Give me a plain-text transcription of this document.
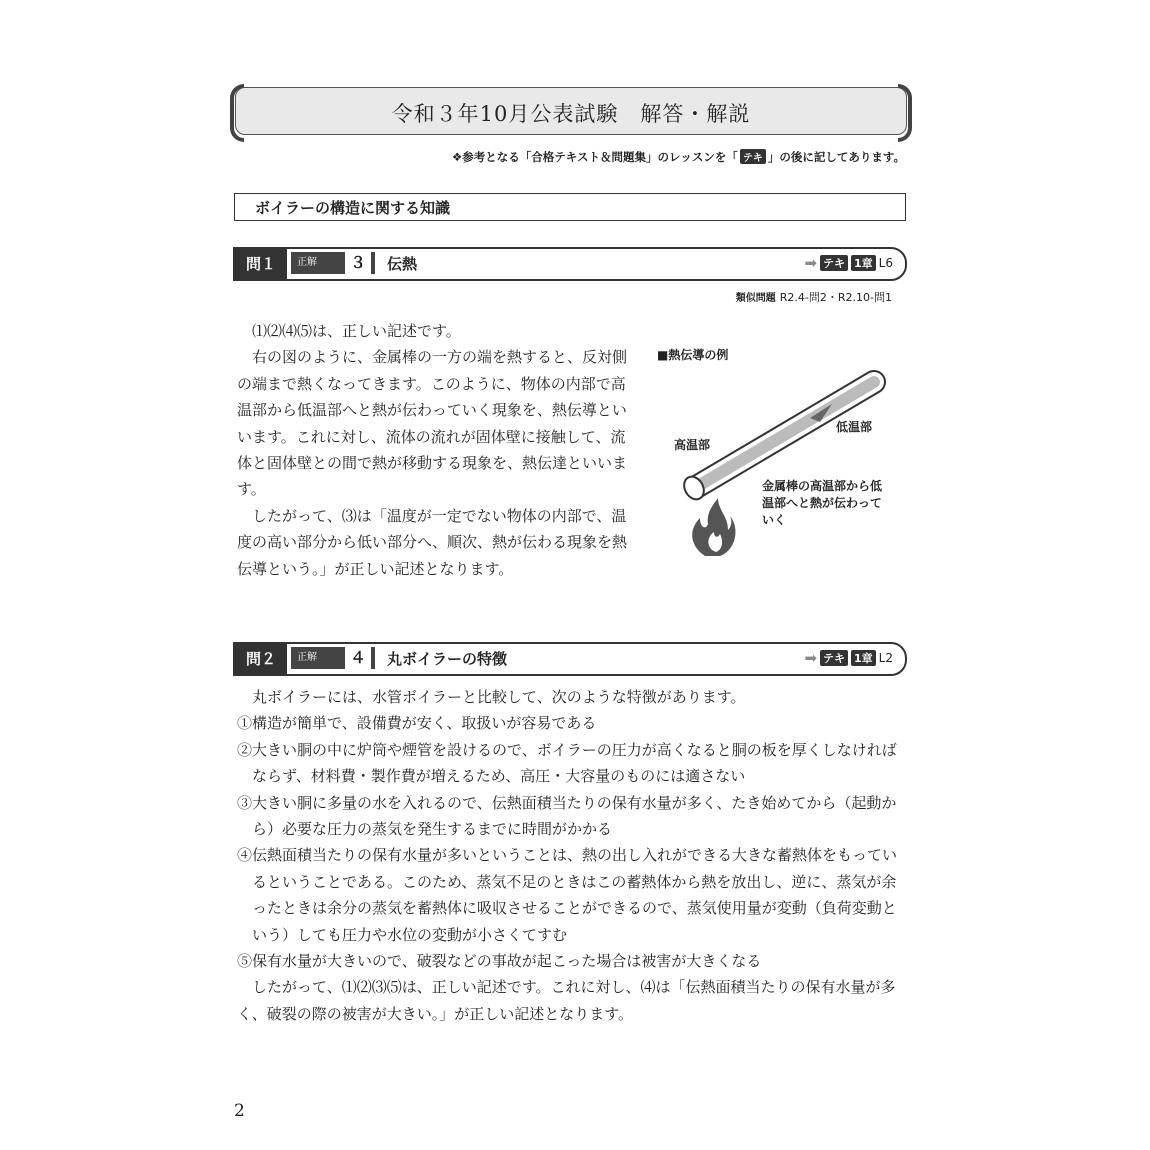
令和３年10月公表試験　解答・解説
❖参考となる「合格テキスト＆問題集」のレッスンを「 テキ 」の後に記してあります。
ボイラーの構造に関する知識
問１	正解	３	伝熱	➡ テキ 1章 L6
類似問題 R2.4-問2・R2.10-問1

⑴⑵⑷⑸は、正しい記述です。

右の図のように、金属棒の一方の端を熱すると、反対側の端まで熱くなってきます。このように、物体の内部で高温部から低温部へと熱が伝わっていく現象を、熱伝導といいます。これに対し、流体の流れが固体壁に接触して、流体と固体壁との間で熱が移動する現象を、熱伝達といいます。

したがって、⑶は「温度が一定でない物体の内部で、温度の高い部分から低い部分へ、順次、熱が伝わる現象を熱伝導という。」が正しい記述となります。

■熱伝導の例
高温部
低温部
金属棒の高温部から低温部へと熱が伝わっていく
問２	正解	４	丸ボイラーの特徴	➡ テキ 1章 L2

丸ボイラーには、水管ボイラーと比較して、次のような特徴があります。

①構造が簡単で、設備費が安く、取扱いが容易である

②大きい胴の中に炉筒や煙管を設けるので、ボイラーの圧力が高くなると胴の板を厚くしなければならず、材料費・製作費が増えるため、高圧・大容量のものには適さない

③大きい胴に多量の水を入れるので、伝熱面積当たりの保有水量が多く、たき始めてから（起動から）必要な圧力の蒸気を発生するまでに時間がかかる

④伝熱面積当たりの保有水量が多いということは、熱の出し入れができる大きな蓄熱体をもっているということである。このため、蒸気不足のときはこの蓄熱体から熱を放出し、逆に、蒸気が余ったときは余分の蒸気を蓄熱体に吸収させることができるので、蒸気使用量が変動（負荷変動という）しても圧力や水位の変動が小さくてすむ

⑤保有水量が大きいので、破裂などの事故が起こった場合は被害が大きくなる

したがって、⑴⑵⑶⑸は、正しい記述です。これに対し、⑷は「伝熱面積当たりの保有水量が多く、破裂の際の被害が大きい。」が正しい記述となります。

2
